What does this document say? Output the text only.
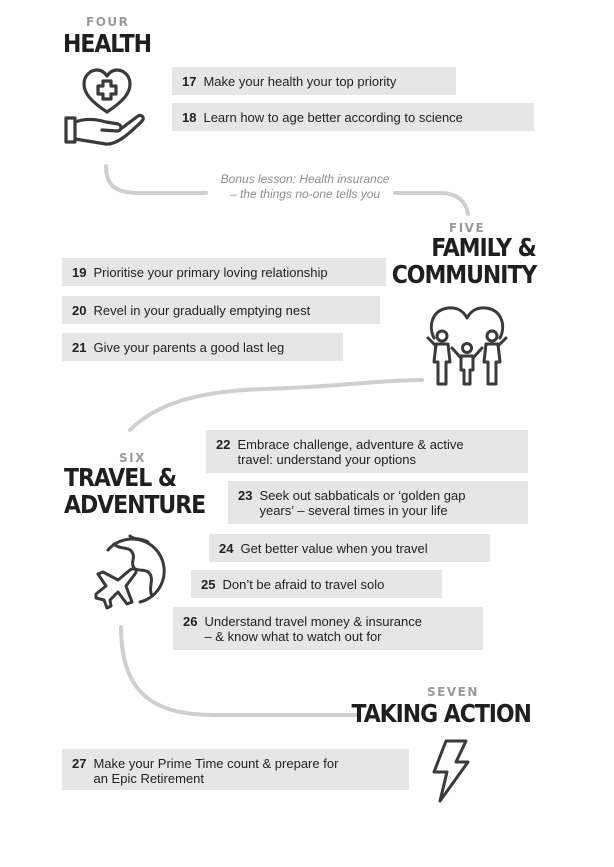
FOUR
HEALTH
17 Make your health your top priority
18 Learn how to age better according to science
Bonus lesson: Health insurance
– the things no-one tells you
FIVE
FAMILY &
COMMUNITY
19 Prioritise your primary loving relationship
20 Revel in your gradually emptying nest
21 Give your parents a good last leg
SIX
TRAVEL &
ADVENTURE
22 Embrace challenge, adventure & active
travel: understand your options
23 Seek out sabbaticals or ‘golden gap
years’ – several times in your life
24 Get better value when you travel
25 Don’t be afraid to travel solo
26 Understand travel money & insurance
– & know what to watch out for
SEVEN
TAKING ACTION
27 Make your Prime Time count & prepare for
an Epic Retirement
